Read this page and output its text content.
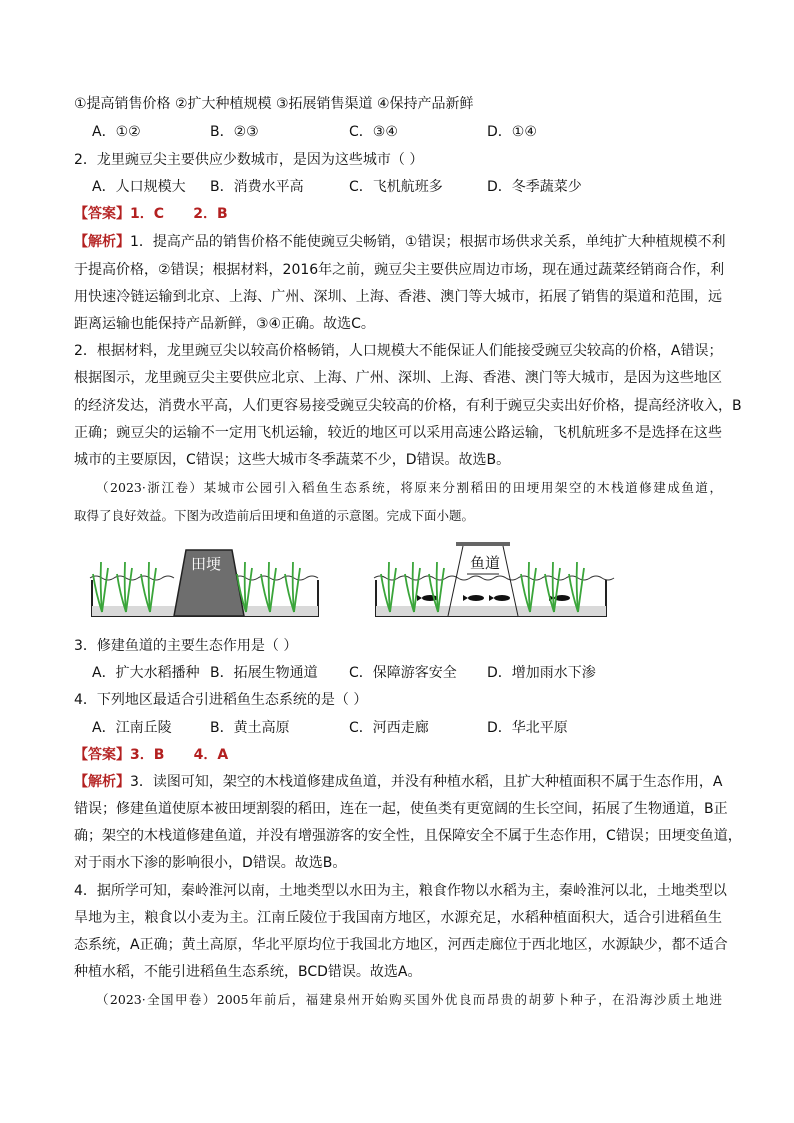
①提高销售价格 ②扩大种植规模 ③拓展销售渠道 ④保持产品新鲜
A．①②	B．②③	C．③④	D．①④
2．龙里豌豆尖主要供应少数城市，是因为这些城市（ ）
A．人口规模大 B．消费水平高	C．飞机航班多	D．冬季蔬菜少
【答案】1．C      2．B
【解析】1．提高产品的销售价格不能使豌豆尖畅销，①错误；根据市场供求关系，单纯扩大种植规模不利
于提高价格，②错误；根据材料，2016年之前，豌豆尖主要供应周边市场，现在通过蔬菜经销商合作，利
用快速冷链运输到北京、上海、广州、深圳、上海、香港、澳门等大城市，拓展了销售的渠道和范围，远
距离运输也能保持产品新鲜，③④正确。故选C。
2．根据材料，龙里豌豆尖以较高价格畅销，人口规模大不能保证人们能接受豌豆尖较高的价格，A错误；
根据图示，龙里豌豆尖主要供应北京、上海、广州、深圳、上海、香港、澳门等大城市，是因为这些地区
的经济发达，消费水平高，人们更容易接受豌豆尖较高的价格，有利于豌豆尖卖出好价格，提高经济收入，B
正确；豌豆尖的运输不一定用飞机运输，较近的地区可以采用高速公路运输，飞机航班多不是选择在这些
城市的主要原因，C错误；这些大城市冬季蔬菜不少，D错误。故选B。
（2023·浙江卷）某城市公园引入稻鱼生态系统，将原来分割稻田的田埂用架空的木栈道修建成鱼道，
取得了良好效益。下图为改造前后田埂和鱼道的示意图。完成下面小题。
田埂	鱼道
3．修建鱼道的主要生态作用是（ ）
A．扩大水稻播种 B．拓展生物通道 C．保障游客安全 D．增加雨水下渗
4．下列地区最适合引进稻鱼生态系统的是（ ）
A．江南丘陵	B．黄土高原	C．河西走廊	D．华北平原
【答案】3．B      4．A
【解析】3．读图可知，架空的木栈道修建成鱼道，并没有种植水稻，且扩大种植面积不属于生态作用，A
错误；修建鱼道使原本被田埂割裂的稻田，连在一起，使鱼类有更宽阔的生长空间，拓展了生物通道，B正
确；架空的木栈道修建鱼道，并没有增强游客的安全性，且保障安全不属于生态作用，C错误；田埂变鱼道，
对于雨水下渗的影响很小，D错误。故选B。
4．据所学可知，秦岭淮河以南，土地类型以水田为主，粮食作物以水稻为主，秦岭淮河以北，土地类型以
旱地为主，粮食以小麦为主。江南丘陵位于我国南方地区，水源充足，水稻种植面积大，适合引进稻鱼生
态系统，A正确；黄土高原，华北平原均位于我国北方地区，河西走廊位于西北地区，水源缺少，都不适合
种植水稻，不能引进稻鱼生态系统，BCD错误。故选A。
（2023·全国甲卷）2005年前后，福建泉州开始购买国外优良而昂贵的胡萝卜种子，在沿海沙质土地进
